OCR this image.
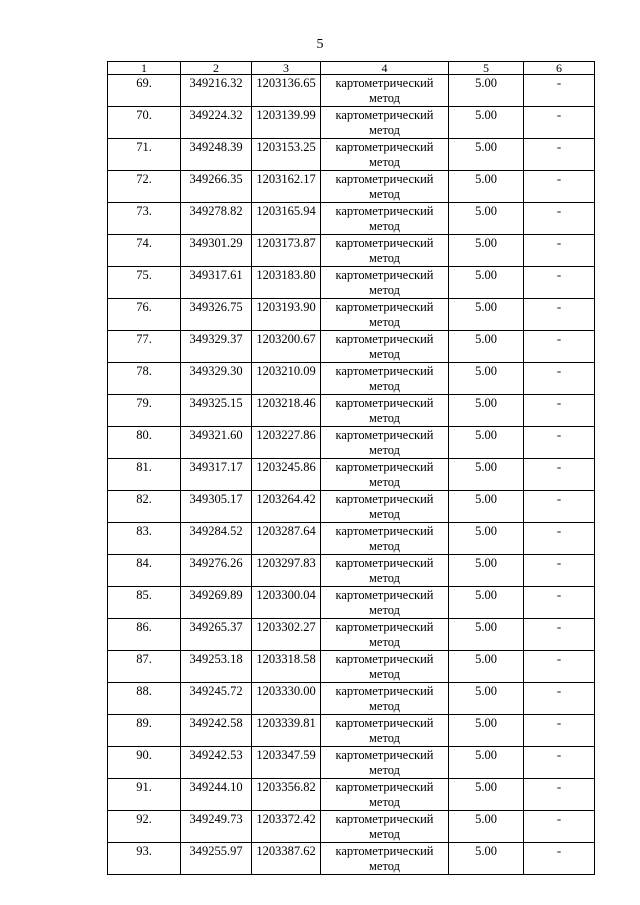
5
1	2	3	4	5	6
69.	349216.32	1203136.65	картометрический метод	5.00	-
70.	349224.32	1203139.99	картометрический метод	5.00	-
71.	349248.39	1203153.25	картометрический метод	5.00	-
72.	349266.35	1203162.17	картометрический метод	5.00	-
73.	349278.82	1203165.94	картометрический метод	5.00	-
74.	349301.29	1203173.87	картометрический метод	5.00	-
75.	349317.61	1203183.80	картометрический метод	5.00	-
76.	349326.75	1203193.90	картометрический метод	5.00	-
77.	349329.37	1203200.67	картометрический метод	5.00	-
78.	349329.30	1203210.09	картометрический метод	5.00	-
79.	349325.15	1203218.46	картометрический метод	5.00	-
80.	349321.60	1203227.86	картометрический метод	5.00	-
81.	349317.17	1203245.86	картометрический метод	5.00	-
82.	349305.17	1203264.42	картометрический метод	5.00	-
83.	349284.52	1203287.64	картометрический метод	5.00	-
84.	349276.26	1203297.83	картометрический метод	5.00	-
85.	349269.89	1203300.04	картометрический метод	5.00	-
86.	349265.37	1203302.27	картометрический метод	5.00	-
87.	349253.18	1203318.58	картометрический метод	5.00	-
88.	349245.72	1203330.00	картометрический метод	5.00	-
89.	349242.58	1203339.81	картометрический метод	5.00	-
90.	349242.53	1203347.59	картометрический метод	5.00	-
91.	349244.10	1203356.82	картометрический метод	5.00	-
92.	349249.73	1203372.42	картометрический метод	5.00	-
93.	349255.97	1203387.62	картометрический метод	5.00	-
